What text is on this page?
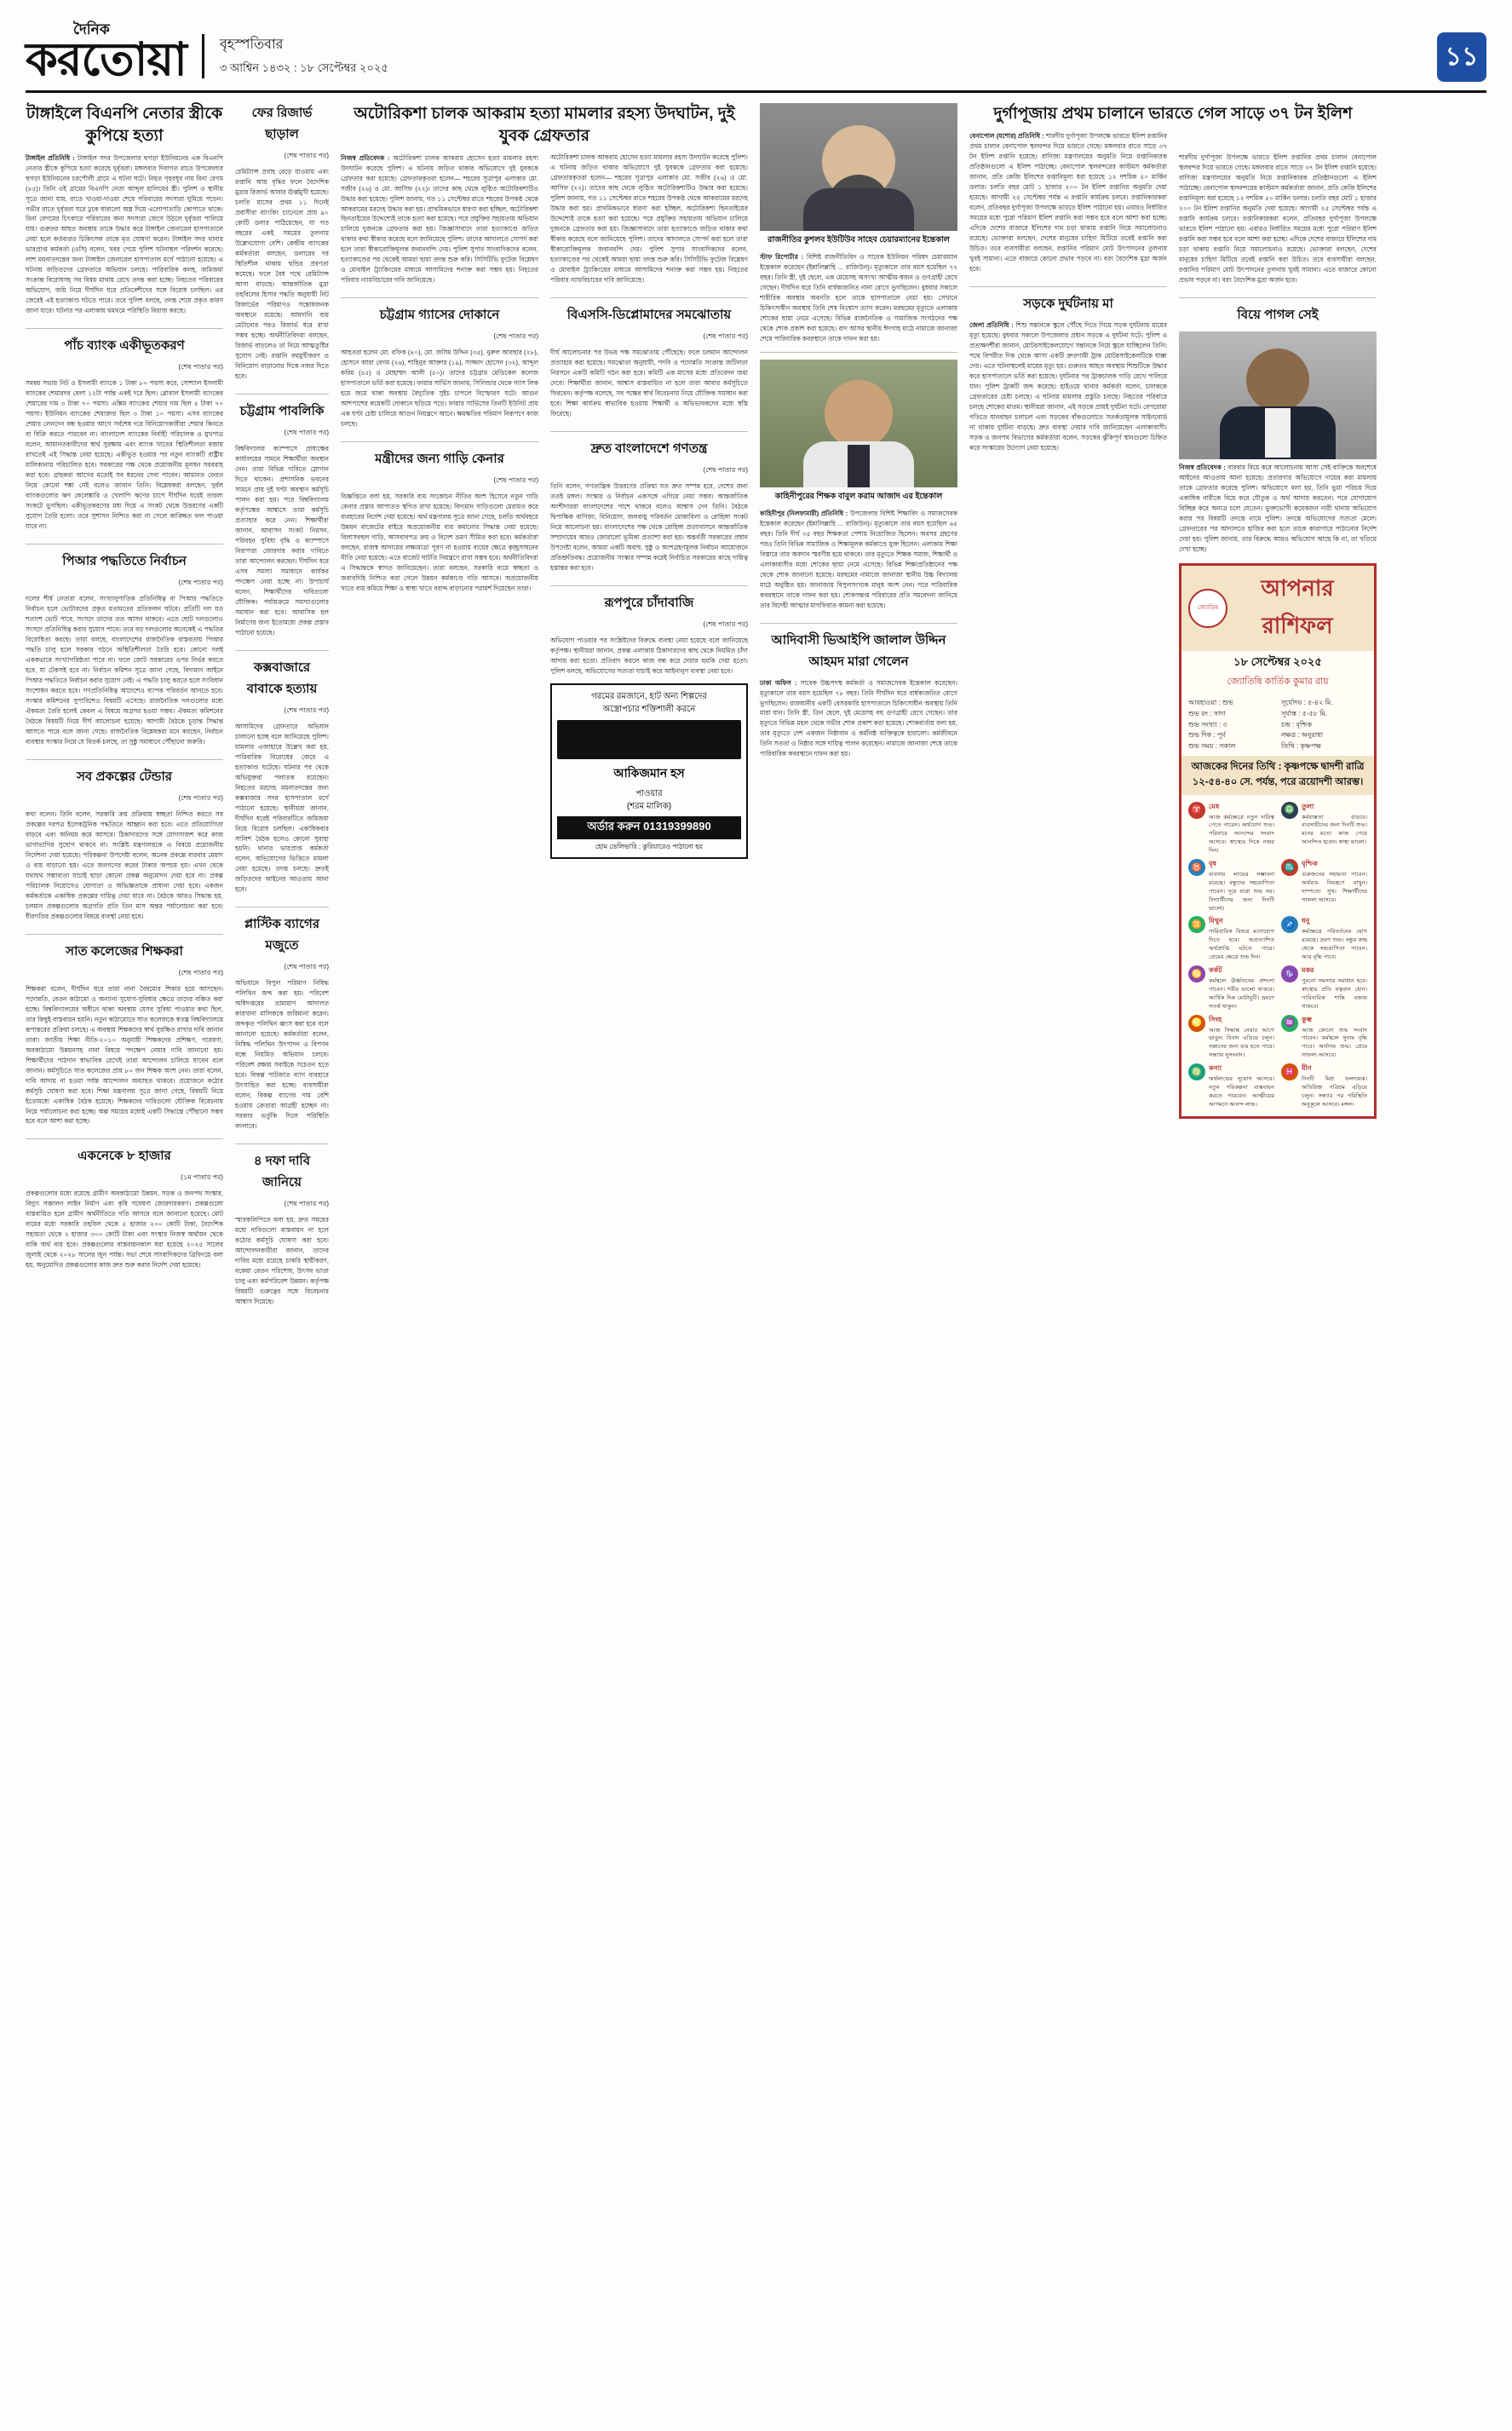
দৈনিক
করতোয়া বৃহস্পতিবার
৩ আশ্বিন ১৪৩২ : ১৮ সেপ্টেম্বর ২০২৫	১১
টাঙ্গাইলে বিএনপি নেতার স্ত্রীকে কুপিয়ে হত্যা

টাঙ্গাইল প্রতিনিধি : টাঙ্গাইল সদর উপজেলার হুগড়া ইউনিয়নের এক বিএনপি নেতার স্ত্রীকে কুপিয়ে হত্যা করেছে দুর্বৃত্তরা। মঙ্গলবার দিবাগত রাতে উপজেলার হুগড়া ইউনিয়নের চরপৌলী গ্রামে এ ঘটনা ঘটে। নিহত গৃহবধূর নাম রিনা বেগম (৪৫)। তিনি ওই গ্রামের বিএনপি নেতা আব্দুল হালিমের স্ত্রী। পুলিশ ও স্থানীয় সূত্রে জানা যায়, রাতে খাওয়া-দাওয়া শেষে পরিবারের সদস্যরা ঘুমিয়ে পড়েন। গভীর রাতে দুর্বৃত্তরা ঘরে ঢুকে ধারালো অস্ত্র দিয়ে এলোপাতাড়ি কোপাতে থাকে। রিনা বেগমের চিৎকারে পরিবারের অন্য সদস্যরা জেগে উঠলে দুর্বৃত্তরা পালিয়ে যায়। গুরুতর আহত অবস্থায় তাকে উদ্ধার করে টাঙ্গাইল জেনারেল হাসপাতালে নেয়া হলে কর্তব্যরত চিকিৎসক তাকে মৃত ঘোষণা করেন। টাঙ্গাইল সদর থানার ভারপ্রাপ্ত কর্মকর্তা (ওসি) বলেন, খবর পেয়ে পুলিশ ঘটনাস্থল পরিদর্শন করেছে। লাশ ময়নাতদন্তের জন্য টাঙ্গাইল জেনারেল হাসপাতাল মর্গে পাঠানো হয়েছে। এ ঘটনায় জড়িতদের গ্রেফতারে অভিযান চলছে। পারিবারিক কলহ, জমিজমা সংক্রান্ত বিরোধসহ সব বিষয় মাথায় রেখে তদন্ত করা হচ্ছে। নিহতের পরিবারের অভিযোগ, জমি নিয়ে দীর্ঘদিন ধরে প্রতিবেশীদের সঙ্গে বিরোধ চলছিল। এর জেরেই এই হত্যাকাণ্ড ঘটতে পারে। তবে পুলিশ বলছে, তদন্ত শেষে প্রকৃত কারণ জানা যাবে। ঘটনার পর এলাকায় থমথমে পরিস্থিতি বিরাজ করছে।

পাঁচ ব্যাংক একীভূতকরণ
(শেষ পাতার পর)
সমন্বয় সভায় নিট ও ইসলামী ব্যাংকে ১ টাকা ৮০ পয়সা করে, সোশ্যাল ইসলামী ব্যাংকের শেয়ারদর বেলা ১২টা পর্যন্ত একই দরে ছিল। গ্লোবাল ইসলামী ব্যাংকের শেয়ারের দাম ৩ টাকা ৭০ পয়সা। এক্সিম ব্যাংকের শেয়ার দাম ছিল ৫ টাকা ৭০ পয়সা। ইউনিয়ন ব্যাংকের শেয়ারদর ছিল ৩ টাকা ১০ পয়সা। এসব ব্যাংকের শেয়ার লেনদেন বন্ধ হওয়ার আগে সর্বশেষ দরে বিনিয়োগকারীরা শেয়ার কিনতে বা বিক্রি করতে পারবেন না। বাংলাদেশ ব্যাংকের নির্বাহী পরিচালক ও মুখপাত্র বলেন, আমানতকারীদের স্বার্থ সুরক্ষায় এবং ব্যাংক খাতের স্থিতিশীলতা বজায় রাখতেই এই সিদ্ধান্ত নেয়া হয়েছে। একীভূত হওয়ার পর নতুন ব্যাংকটি রাষ্ট্রীয় মালিকানায় পরিচালিত হবে। সরকারের পক্ষ থেকে প্রয়োজনীয় মূলধন সরবরাহ করা হবে। গ্রাহকরা আগের মতোই সব ধরনের সেবা পাবেন। আমানত ফেরত নিয়ে কোনো শঙ্কা নেই বলেও জানান তিনি। বিশ্লেষকরা বলছেন, দুর্বল ব্যাংকগুলোর ঋণ কেলেঙ্কারি ও খেলাপি ঋণের চাপে দীর্ঘদিন ধরেই তারল্য সংকটে ভুগছিল। একীভূতকরণের মধ্য দিয়ে এ সংকট থেকে উত্তরণের একটি সুযোগ তৈরি হলো। তবে সুশাসন নিশ্চিত করা না গেলে কাঙ্ক্ষিত ফল পাওয়া যাবে না।
পিআর পদ্ধতিতে নির্বাচন
(শেষ পাতার পর)
দলের শীর্ষ নেতারা বলেন, সংখ্যানুপাতিক প্রতিনিধিত্ব বা পিআর পদ্ধতিতে নির্বাচন হলে ভোটারদের প্রকৃত মতামতের প্রতিফলন ঘটবে। প্রতিটি দল যত শতাংশ ভোট পাবে, সংসদে তাদের তত আসন থাকবে। এতে ছোট দলগুলোও সংসদে প্রতিনিধিত্ব করার সুযোগ পাবে। তবে বড় দলগুলোর অনেকেই এ পদ্ধতির বিরোধিতা করছে। তারা বলছে, বাংলাদেশের রাজনৈতিক বাস্তবতায় পিআর পদ্ধতি চালু হলে সরকার গঠনে অস্থিতিশীলতা তৈরি হবে। কোনো দলই এককভাবে সংখ্যাগরিষ্ঠতা পাবে না। ফলে জোট সরকারের ওপর নির্ভর করতে হবে, যা টেকসই হবে না। নির্বাচন কমিশন সূত্রে জানা গেছে, বিদ্যমান আইনে পিআর পদ্ধতিতে নির্বাচন করার সুযোগ নেই। এ পদ্ধতি চালু করতে হলে সংবিধান সংশোধন করতে হবে। গণপ্রতিনিধিত্ব আদেশেও ব্যাপক পরিবর্তন আনতে হবে। সংস্কার কমিশনের সুপারিশেও বিষয়টি এসেছে। রাজনৈতিক দলগুলোর মধ্যে ঐকমত্য তৈরি হলেই কেবল এ বিষয়ে অগ্রসর হওয়া সম্ভব। ঐকমত্য কমিশনের বৈঠকে বিষয়টি নিয়ে দীর্ঘ আলোচনা হয়েছে। আগামী বৈঠকে চূড়ান্ত সিদ্ধান্ত আসতে পারে বলে জানা গেছে। রাজনৈতিক বিশ্লেষকরা মনে করছেন, নির্বাচন ব্যবস্থার সংস্কার নিয়ে যে বিতর্ক চলছে, তা সুষ্ঠু সমাধানে পৌঁছানো জরুরি।
সব প্রকল্পের টেন্ডার
(শেষ পাতার পর)
কথা বলেন। তিনি বলেন, সরকারি ক্রয় প্রক্রিয়ায় স্বচ্ছতা নিশ্চিত করতে সব প্রকল্পের দরপত্র ইলেকট্রনিক পদ্ধতিতে আহ্বান করা হবে। এতে প্রতিযোগিতা বাড়বে এবং অনিয়ম কমে আসবে। ঠিকাদারদের সঙ্গে যোগসাজশ করে কাজ ভাগাভাগির সুযোগ থাকবে না। সংশ্লিষ্ট মন্ত্রণালয়কে এ বিষয়ে প্রয়োজনীয় নির্দেশনা দেয়া হয়েছে। পরিকল্পনা উপদেষ্টা বলেন, অনেক প্রকল্পে বারবার মেয়াদ ও ব্যয় বাড়ানো হয়। এতে জনগণের করের টাকার অপচয় হয়। এখন থেকে যথাযথ সম্ভাব্যতা যাচাই ছাড়া কোনো প্রকল্প অনুমোদন দেয়া হবে না। প্রকল্প পরিচালক নিয়োগেও যোগ্যতা ও অভিজ্ঞতাকে প্রাধান্য দেয়া হবে। একজন কর্মকর্তাকে একাধিক প্রকল্পের দায়িত্ব দেয়া যাবে না। বৈঠকে আরও সিদ্ধান্ত হয়, চলমান প্রকল্পগুলোর অগ্রগতি প্রতি তিন মাস অন্তর পর্যালোচনা করা হবে। ধীরগতির প্রকল্পগুলোর বিষয়ে ব্যবস্থা নেয়া হবে।
সাত কলেজের শিক্ষকরা
(শেষ পাতার পর)
শিক্ষকরা বলেন, দীর্ঘদিন ধরে তারা নানা বৈষম্যের শিকার হয়ে আসছেন। পদোন্নতি, বেতন কাঠামো ও অন্যান্য সুযোগ-সুবিধার ক্ষেত্রে তাদের বঞ্চিত করা হচ্ছে। বিশ্ববিদ্যালয়ের অধীনে থাকা অবস্থায় যেসব সুবিধা পাওয়ার কথা ছিল, তার কিছুই বাস্তবায়ন হয়নি। নতুন কাঠামোতে সাত কলেজকে স্বতন্ত্র বিশ্ববিদ্যালয়ে রূপান্তরের প্রক্রিয়া চলছে। এ অবস্থায় শিক্ষকদের স্বার্থ সুরক্ষিত রাখার দাবি জানান তারা। জাতীয় শিক্ষা নীতি-২০১০ অনুযায়ী শিক্ষকদের প্রশিক্ষণ, গবেষণা, অবকাঠামো উন্নয়নসহ নানা বিষয়ে পদক্ষেপ নেয়ার দাবি জানানো হয়। শিক্ষার্থীদের পাঠদান স্বাভাবিক রেখেই তারা আন্দোলন চালিয়ে যাবেন বলে জানান। কর্মসূচিতে সাত কলেজের প্রায় ৮০ জন শিক্ষক অংশ নেন। তারা বলেন, দাবি আদায় না হওয়া পর্যন্ত আন্দোলন অব্যাহত থাকবে। প্রয়োজনে কঠোর কর্মসূচি ঘোষণা করা হবে। শিক্ষা মন্ত্রণালয় সূত্রে জানা গেছে, বিষয়টি নিয়ে ইতোমধ্যে একাধিক বৈঠক হয়েছে। শিক্ষকদের দাবিগুলো যৌক্তিক বিবেচনায় নিয়ে পর্যালোচনা করা হচ্ছে। অল্প সময়ের মধ্যেই একটি সিদ্ধান্তে পৌঁছানো সম্ভব হবে বলে আশা করা হচ্ছে।
একনেকে ৮ হাজার
(১ম পাতার পর)
প্রকল্পগুলোর মধ্যে রয়েছে গ্রামীণ অবকাঠামো উন্নয়ন, সড়ক ও জনপথ সংস্কার, বিদ্যুৎ সঞ্চালন লাইন নির্মাণ এবং কৃষি গবেষণা জোরদারকরণ। প্রকল্পগুলো বাস্তবায়িত হলে গ্রামীণ অর্থনীতিতে গতি আসবে বলে জানানো হয়েছে। মোট ব্যয়ের মধ্যে সরকারি তহবিল থেকে ৫ হাজার ২০০ কোটি টাকা, বৈদেশিক সহায়তা থেকে ২ হাজার ৩০০ কোটি টাকা এবং সংস্থার নিজস্ব অর্থায়ন থেকে বাকি অর্থ ব্যয় হবে। প্রকল্পগুলোর বাস্তবায়নকাল ধরা হয়েছে ২০২৫ সালের জুলাই থেকে ২০২৮ সালের জুন পর্যন্ত। সভা শেষে সাংবাদিকদের ব্রিফিংয়ে বলা হয়, অনুমোদিত প্রকল্পগুলোর কাজ দ্রুত শুরু করার নির্দেশ দেয়া হয়েছে।
ফের রিজার্ভ ছাড়াল
(শেষ পাতার পর)
রেমিট্যান্স প্রবাহ বেড়ে যাওয়ায় এবং রপ্তানি আয় বৃদ্ধির ফলে বৈদেশিক মুদ্রার রিজার্ভ আবার ঊর্ধ্বমুখী হয়েছে। চলতি মাসের প্রথম ১১ দিনেই প্রবাসীরা ব্যাংকিং চ্যানেলে প্রায় ৯০ কোটি ডলার পাঠিয়েছেন, যা গত বছরের একই সময়ের তুলনায় উল্লেখযোগ্য বেশি। কেন্দ্রীয় ব্যাংকের কর্মকর্তারা বলছেন, ডলারের দর স্থিতিশীল থাকায় হুন্ডির প্রবণতা কমেছে। ফলে বৈধ পথে রেমিট্যান্স আসা বাড়ছে। আন্তর্জাতিক মুদ্রা তহবিলের হিসাব পদ্ধতি অনুযায়ী নিট রিজার্ভের পরিমাণও সন্তোষজনক অবস্থানে রয়েছে। আমদানি ব্যয় মেটানোর পরও রিজার্ভ ধরে রাখা সম্ভব হচ্ছে। অর্থনীতিবিদরা বলছেন, রিজার্ভ বাড়লেও তা নিয়ে আত্মতুষ্টির সুযোগ নেই। রপ্তানি বহুমুখীকরণ ও বিনিয়োগ বাড়ানোর দিকে নজর দিতে হবে।
চট্টগ্রাম পাবলিকি
(শেষ পাতার পর)
বিশ্ববিদ্যালয় ক্যাম্পাসে প্রাধ্যক্ষের কার্যালয়ের সামনে শিক্ষার্থীরা অবস্থান নেন। তারা বিভিন্ন দাবিতে স্লোগান দিতে থাকেন। প্রশাসনিক ভবনের সামনে প্রায় দুই ঘণ্টা অবস্থান কর্মসূচি পালন করা হয়। পরে বিশ্ববিদ্যালয় কর্তৃপক্ষের আশ্বাসে তারা কর্মসূচি প্রত্যাহার করে নেন। শিক্ষার্থীরা জানান, আবাসন সংকট নিরসন, পরিবহন সুবিধা বৃদ্ধি ও ক্যাম্পাসে নিরাপত্তা জোরদার করার দাবিতে তারা আন্দোলন করছেন। দীর্ঘদিন ধরে এসব সমস্যা সমাধানে কার্যকর পদক্ষেপ নেয়া হচ্ছে না। উপাচার্য বলেন, শিক্ষার্থীদের দাবিগুলো যৌক্তিক। পর্যায়ক্রমে সমস্যাগুলোর সমাধান করা হবে। আবাসিক হল নির্মাণের জন্য ইতোমধ্যে প্রকল্প প্রস্তাব পাঠানো হয়েছে।
কক্সবাজারে বাবাকে হত্যায়
(শেষ পাতার পর)
আসামিদের গ্রেফতারে অভিযান চালানো হচ্ছে বলে জানিয়েছে পুলিশ। মামলার এজাহারে উল্লেখ করা হয়, পারিবারিক বিরোধের জেরে এ হত্যাকাণ্ড ঘটেছে। ঘটনার পর থেকে অভিযুক্তরা পলাতক রয়েছেন। নিহতের মরদেহ ময়নাতদন্তের জন্য কক্সবাজার সদর হাসপাতাল মর্গে পাঠানো হয়েছে। স্থানীয়রা জানান, দীর্ঘদিন ধরেই পরিবারটিতে জমিজমা নিয়ে বিরোধ চলছিল। একাধিকবার সালিশ বৈঠক হলেও কোনো সুরাহা হয়নি। থানার ভারপ্রাপ্ত কর্মকর্তা বলেন, অভিযোগের ভিত্তিতে মামলা নেয়া হয়েছে। তদন্ত চলছে। দ্রুতই জড়িতদের আইনের আওতায় আনা হবে।
প্লাস্টিক ব্যাগের মজুতে
(শেষ পাতার পর)
অভিযানে বিপুল পরিমাণ নিষিদ্ধ পলিথিন জব্দ করা হয়। পরিবেশ অধিদপ্তরের ভ্রাম্যমাণ আদালত কারখানা মালিককে জরিমানা করেন। জব্দকৃত পলিথিন ধ্বংস করা হবে বলে জানানো হয়েছে। কর্মকর্তারা বলেন, নিষিদ্ধ পলিথিন উৎপাদন ও বিপণন বন্ধে নিয়মিত অভিযান চলবে। পরিবেশ রক্ষায় সবাইকে সচেতন হতে হবে। বিকল্প পাটজাত ব্যাগ ব্যবহারে উৎসাহিত করা হচ্ছে। ব্যবসায়ীরা বলেন, বিকল্প ব্যাগের দাম বেশি হওয়ায় ক্রেতারা আগ্রহী হচ্ছেন না। সরকার ভর্তুকি দিলে পরিস্থিতি বদলাবে।
৪ দফা দাবি জানিয়ে
(শেষ পাতার পর)
স্মারকলিপিতে বলা হয়, দ্রুত সময়ের মধ্যে দাবিগুলো বাস্তবায়ন না হলে কঠোর কর্মসূচি ঘোষণা করা হবে। আন্দোলনকারীরা জানান, তাদের দাবির মধ্যে রয়েছে চাকরি স্থায়ীকরণ, বকেয়া বেতন পরিশোধ, উৎসব ভাতা চালু এবং কর্মপরিবেশ উন্নয়ন। কর্তৃপক্ষ বিষয়টি গুরুত্বের সঙ্গে বিবেচনার আশ্বাস দিয়েছে।
অটোরিকশা চালক আকরাম হত্যা মামলার রহস্য উদঘাটন, দুই যুবক গ্রেফতার

নিজস্ব প্রতিবেদক : অটোরিকশা চালক আকরাম হোসেন হত্যা মামলার রহস্য উদঘাটন করেছে পুলিশ। এ ঘটনায় জড়িত থাকার অভিযোগে দুই যুবককে গ্রেফতার করা হয়েছে। গ্রেফতারকৃতরা হলেন— শহরের সূত্রাপুর এলাকার মো. সজীব (২৬) ও মো. আসিফ (২২)। তাদের কাছ থেকে লুণ্ঠিত অটোরিকশাটিও উদ্ধার করা হয়েছে। পুলিশ জানায়, গত ১১ সেপ্টেম্বর রাতে শহরের উপকণ্ঠ থেকে আকরামের মরদেহ উদ্ধার করা হয়। প্রাথমিকভাবে ধারণা করা হচ্ছিল, অটোরিকশা ছিনতাইয়ের উদ্দেশ্যেই তাকে হত্যা করা হয়েছে। পরে প্রযুক্তির সহায়তায় অভিযান চালিয়ে দুজনকে গ্রেফতার করা হয়। জিজ্ঞাসাবাদে তারা হত্যাকাণ্ডে জড়িত থাকার কথা স্বীকার করেছে বলে জানিয়েছে পুলিশ। তাদের আদালতে সোপর্দ করা হলে তারা স্বীকারোক্তিমূলক জবানবন্দি দেয়। পুলিশ সুপার সাংবাদিকদের বলেন, হত্যাকাণ্ডের পর থেকেই আমরা ছায়া তদন্ত শুরু করি। সিসিটিভি ফুটেজ বিশ্লেষণ ও মোবাইল ট্র্যাকিংয়ের মাধ্যমে আসামিদের শনাক্ত করা সম্ভব হয়। নিহতের পরিবার ন্যায়বিচারের দাবি জানিয়েছে।

চট্টগ্রাম গ্যাসের দোকানে
(শেষ পাতার পর)
আহতরা হলেন মো. রফিক (৪০), মো. জসিম উদ্দিন (৩৫), নুরুল আবছার (২৮), হোসনে আরা বেগম (২৬), শাহিনুর আক্তার (১৯), সাজ্জাদ হোসেন (৩২), আব্দুল করিম (৪৫) ও মোহাম্মদ আলী (৫০)। তাদের চট্টগ্রাম মেডিকেল কলেজ হাসপাতালে ভর্তি করা হয়েছে। ফায়ার সার্ভিস জানায়, সিলিন্ডার থেকে গ্যাস লিক হয়ে জমে থাকা অবস্থায় বৈদ্যুতিক সুইচ চাপলে বিস্ফোরণ ঘটে। আগুন আশপাশের কয়েকটি দোকানে ছড়িয়ে পড়ে। ফায়ার সার্ভিসের তিনটি ইউনিট প্রায় এক ঘণ্টা চেষ্টা চালিয়ে আগুন নিয়ন্ত্রণে আনে। ক্ষয়ক্ষতির পরিমাণ নিরূপণে কাজ চলছে।
মন্ত্রীদের জন্য গাড়ি কেনার
(শেষ পাতার পর)
বিজ্ঞপ্তিতে বলা হয়, সরকারি ব্যয় সংকোচন নীতির অংশ হিসেবে নতুন গাড়ি কেনার প্রস্তাব আপাতত স্থগিত রাখা হয়েছে। বিদ্যমান গাড়িগুলো মেরামত করে ব্যবহারের নির্দেশ দেয়া হয়েছে। অর্থ মন্ত্রণালয় সূত্রে জানা গেছে, চলতি অর্থবছরে উন্নয়ন বাজেটের বাইরে অপ্রয়োজনীয় ব্যয় কমানোর সিদ্ধান্ত নেয়া হয়েছে। বিলাসবহুল গাড়ি, আসবাবপত্র ক্রয় ও বিদেশ ভ্রমণ সীমিত করা হবে। কর্মকর্তারা বলছেন, রাজস্ব আদায়ের লক্ষ্যমাত্রা পূরণ না হওয়ায় ব্যয়ের ক্ষেত্রে কৃচ্ছ্রসাধনের নীতি নেয়া হয়েছে। এতে বাজেট ঘাটতি নিয়ন্ত্রণে রাখা সম্ভব হবে। অর্থনীতিবিদরা এ সিদ্ধান্তকে স্বাগত জানিয়েছেন। তারা বলছেন, সরকারি ব্যয়ে স্বচ্ছতা ও জবাবদিহি নিশ্চিত করা গেলে উন্নয়ন কর্মকাণ্ডে গতি আসবে। অপ্রয়োজনীয় খাতে ব্যয় কমিয়ে শিক্ষা ও স্বাস্থ্য খাতে বরাদ্দ বাড়ানোর পরামর্শ দিয়েছেন তারা।
অটোরিকশা চালক আকরাম হোসেন হত্যা মামলার রহস্য উদঘাটন করেছে পুলিশ। এ ঘটনায় জড়িত থাকার অভিযোগে দুই যুবককে গ্রেফতার করা হয়েছে। গ্রেফতারকৃতরা হলেন— শহরের সূত্রাপুর এলাকার মো. সজীব (২৬) ও মো. আসিফ (২২)। তাদের কাছ থেকে লুণ্ঠিত অটোরিকশাটিও উদ্ধার করা হয়েছে। পুলিশ জানায়, গত ১১ সেপ্টেম্বর রাতে শহরের উপকণ্ঠ থেকে আকরামের মরদেহ উদ্ধার করা হয়। প্রাথমিকভাবে ধারণা করা হচ্ছিল, অটোরিকশা ছিনতাইয়ের উদ্দেশ্যেই তাকে হত্যা করা হয়েছে। পরে প্রযুক্তির সহায়তায় অভিযান চালিয়ে দুজনকে গ্রেফতার করা হয়। জিজ্ঞাসাবাদে তারা হত্যাকাণ্ডে জড়িত থাকার কথা স্বীকার করেছে বলে জানিয়েছে পুলিশ। তাদের আদালতে সোপর্দ করা হলে তারা স্বীকারোক্তিমূলক জবানবন্দি দেয়। পুলিশ সুপার সাংবাদিকদের বলেন, হত্যাকাণ্ডের পর থেকেই আমরা ছায়া তদন্ত শুরু করি। সিসিটিভি ফুটেজ বিশ্লেষণ ও মোবাইল ট্র্যাকিংয়ের মাধ্যমে আসামিদের শনাক্ত করা সম্ভব হয়। নিহতের পরিবার ন্যায়বিচারের দাবি জানিয়েছে।
বিএসসি-ডিপ্লোমাদের সমঝোতায়
(শেষ পাতার পর)
দীর্ঘ আলোচনার পর উভয় পক্ষ সমঝোতায় পৌঁছেছে। ফলে চলমান আন্দোলন প্রত্যাহার করা হয়েছে। সমঝোতা অনুযায়ী, পদবি ও পদোন্নতি সংক্রান্ত জটিলতা নিরসনে একটি কমিটি গঠন করা হবে। কমিটি এক মাসের মধ্যে প্রতিবেদন জমা দেবে। শিক্ষার্থীরা জানান, আশ্বাস বাস্তবায়িত না হলে তারা আবার কর্মসূচিতে ফিরবেন। কর্তৃপক্ষ বলেছে, সব পক্ষের স্বার্থ বিবেচনায় নিয়ে যৌক্তিক সমাধান করা হবে। শিক্ষা কার্যক্রম স্বাভাবিক হওয়ায় শিক্ষার্থী ও অভিভাবকদের মধ্যে স্বস্তি ফিরেছে।
দ্রুত বাংলাদেশে গণতন্ত্র
(শেষ পাতার পর)
তিনি বলেন, গণতান্ত্রিক উত্তরণের প্রক্রিয়া যত দ্রুত সম্পন্ন হবে, দেশের জন্য ততই মঙ্গল। সংস্কার ও নির্বাচন একসঙ্গে এগিয়ে নেয়া সম্ভব। আন্তর্জাতিক অংশীদাররা বাংলাদেশের পাশে থাকবে বলেও আশ্বাস দেন তিনি। বৈঠকে দ্বিপাক্ষিক বাণিজ্য, বিনিয়োগ, জলবায়ু পরিবর্তন মোকাবিলা ও রোহিঙ্গা সংকট নিয়ে আলোচনা হয়। বাংলাদেশের পক্ষ থেকে রোহিঙ্গা প্রত্যাবাসনে আন্তর্জাতিক সম্প্রদায়ের আরও জোরালো ভূমিকা প্রত্যাশা করা হয়। অন্তর্বর্তী সরকারের প্রধান উপদেষ্টা বলেন, আমরা একটি অবাধ, সুষ্ঠু ও অংশগ্রহণমূলক নির্বাচন আয়োজনে প্রতিশ্রুতিবদ্ধ। প্রয়োজনীয় সংস্কার সম্পন্ন করেই নির্বাচিত সরকারের কাছে দায়িত্ব হস্তান্তর করা হবে।
রূপপুরে চাঁদাবাজি
(শেষ পাতার পর)
অভিযোগ পাওয়ার পর সংশ্লিষ্টদের বিরুদ্ধে ব্যবস্থা নেয়া হয়েছে বলে জানিয়েছে কর্তৃপক্ষ। স্থানীয়রা জানান, প্রকল্প এলাকায় ঠিকাদারদের কাছ থেকে নিয়মিত চাঁদা আদায় করা হতো। প্রতিবাদ করলে কাজ বন্ধ করে দেয়ার হুমকি দেয়া হতো। পুলিশ বলছে, অভিযোগের সত্যতা যাচাই করে আইনানুগ ব্যবস্থা নেয়া হবে।
গরমের রমজানে, হাট অন্য শিল্পদের
অস্ত্রোপচার শক্তিশালী করনে
আকিজমান হস
পাওয়ার
(শরম মালিক)
অর্ডার করুন 01319399890
হোম ডেলিভারি : কুরিয়ারেও পাঠানো হয়
রাজনীতির কুশলব ইউটিউব সাহেব চেয়ারম্যানের ইন্তেকাল

স্টাফ রিপোর্টার : বিশিষ্ট রাজনীতিবিদ ও সাবেক ইউনিয়ন পরিষদ চেয়ারম্যান ইন্তেকাল করেছেন (ইন্নালিল্লাহি ... রাজিউন)। মৃত্যুকালে তার বয়স হয়েছিল ৭২ বছর। তিনি স্ত্রী, দুই ছেলে, এক মেয়েসহ অসংখ্য আত্মীয়-স্বজন ও গুণগ্রাহী রেখে গেছেন। দীর্ঘদিন ধরে তিনি বার্ধক্যজনিত নানা রোগে ভুগছিলেন। বুধবার সকালে শারীরিক অবস্থার অবনতি হলে তাকে হাসপাতালে নেয়া হয়। সেখানে চিকিৎসাধীন অবস্থায় তিনি শেষ নিঃশ্বাস ত্যাগ করেন। মরহুমের মৃত্যুতে এলাকায় শোকের ছায়া নেমে এসেছে। বিভিন্ন রাজনৈতিক ও সামাজিক সংগঠনের পক্ষ থেকে শোক প্রকাশ করা হয়েছে। বাদ আসর স্থানীয় ঈদগাহ মাঠে নামাজে জানাজা শেষে পারিবারিক কবরস্থানে তাকে দাফন করা হয়।

কাহিনীপুরের শিক্ষক বাবুল করাম আজাদ এর ইন্তেকাল

কাহিনীপুর (নিলফামারী) প্রতিনিধি : উপজেলার বিশিষ্ট শিক্ষাবিদ ও সমাজসেবক ইন্তেকাল করেছেন (ইন্নালিল্লাহি ... রাজিউন)। মৃত্যুকালে তার বয়স হয়েছিল ৬৫ বছর। তিনি দীর্ঘ ৩৫ বছর শিক্ষকতা পেশায় নিয়োজিত ছিলেন। অবসর গ্রহণের পরও তিনি বিভিন্ন সামাজিক ও শিক্ষামূলক কর্মকাণ্ডে যুক্ত ছিলেন। এলাকায় শিক্ষা বিস্তারে তার অবদান স্মরণীয় হয়ে থাকবে। তার মৃত্যুতে শিক্ষক সমাজ, শিক্ষার্থী ও এলাকাবাসীর মধ্যে শোকের ছায়া নেমে এসেছে। বিভিন্ন শিক্ষাপ্রতিষ্ঠানের পক্ষ থেকে শোক জানানো হয়েছে। মরহুমের নামাজে জানাজা স্থানীয় উচ্চ বিদ্যালয় মাঠে অনুষ্ঠিত হয়। জানাজায় বিপুলসংখ্যক মানুষ অংশ নেন। পরে পারিবারিক কবরস্থানে তাকে দাফন করা হয়। শোকসন্তপ্ত পরিবারের প্রতি সমবেদনা জানিয়ে তার বিদেহী আত্মার মাগফিরাত কামনা করা হয়েছে।

আদিবাসী ভিআইপি জালাল উদ্দিন আহমদ মারা গেলেন

ঢাকা অফিস : সাবেক উচ্চপদস্থ কর্মকর্তা ও সমাজসেবক ইন্তেকাল করেছেন। মৃত্যুকালে তার বয়স হয়েছিল ৭৮ বছর। তিনি দীর্ঘদিন ধরে বার্ধক্যজনিত রোগে ভুগছিলেন। রাজধানীর একটি বেসরকারি হাসপাতালে চিকিৎসাধীন অবস্থায় তিনি মারা যান। তিনি স্ত্রী, তিন ছেলে, দুই মেয়েসহ বহু গুণগ্রাহী রেখে গেছেন। তার মৃত্যুতে বিভিন্ন মহল থেকে গভীর শোক প্রকাশ করা হয়েছে। শোকবার্তায় বলা হয়, তার মৃত্যুতে দেশ একজন নিষ্ঠাবান ও কর্মনিষ্ঠ ব্যক্তিত্বকে হারালো। কর্মজীবনে তিনি সততা ও নিষ্ঠার সঙ্গে দায়িত্ব পালন করেছেন। নামাজে জানাজা শেষে তাকে পারিবারিক কবরস্থানে দাফন করা হয়।

দুর্গাপূজায় প্রথম চালানে ভারতে গেল সাড়ে ৩৭ টন ইলিশ

বেনাপোল (যশোর) প্রতিনিধি : শারদীয় দুর্গাপূজা উপলক্ষে ভারতে ইলিশ রপ্তানির প্রথম চালান বেনাপোল স্থলবন্দর দিয়ে ভারতে গেছে। মঙ্গলবার রাতে সাড়ে ৩৭ টন ইলিশ রপ্তানি হয়েছে। বাণিজ্য মন্ত্রণালয়ের অনুমতি নিয়ে রপ্তানিকারক প্রতিষ্ঠানগুলো এ ইলিশ পাঠাচ্ছে। বেনাপোল স্থলবন্দরের কাস্টমস কর্মকর্তারা জানান, প্রতি কেজি ইলিশের রপ্তানিমূল্য ধরা হয়েছে ১২ দশমিক ৫০ মার্কিন ডলার। চলতি বছর মোট ১ হাজার ২০০ টন ইলিশ রপ্তানির অনুমতি দেয়া হয়েছে। আগামী ২৫ সেপ্টেম্বর পর্যন্ত এ রপ্তানি কার্যক্রম চলবে। রপ্তানিকারকরা বলেন, প্রতিবছর দুর্গাপূজা উপলক্ষে ভারতে ইলিশ পাঠানো হয়। এবারও নির্ধারিত সময়ের মধ্যে পুরো পরিমাণ ইলিশ রপ্তানি করা সম্ভব হবে বলে আশা করা হচ্ছে। এদিকে দেশের বাজারে ইলিশের দাম চড়া থাকায় রপ্তানি নিয়ে সমালোচনাও রয়েছে। ভোক্তারা বলছেন, দেশের মানুষের চাহিদা মিটিয়ে তবেই রপ্তানি করা উচিত। তবে ব্যবসায়ীরা বলছেন, রপ্তানির পরিমাণ মোট উৎপাদনের তুলনায় খুবই সামান্য। এতে বাজারে কোনো প্রভাব পড়বে না। বরং বৈদেশিক মুদ্রা অর্জন হবে।

সড়কে দুর্ঘটনায় মা

জেলা প্রতিনিধি : শিশু সন্তানকে স্কুলে পৌঁছে দিতে গিয়ে সড়ক দুর্ঘটনায় মায়ের মৃত্যু হয়েছে। বুধবার সকালে উপজেলার প্রধান সড়কে এ দুর্ঘটনা ঘটে। পুলিশ ও প্রত্যক্ষদর্শীরা জানান, মোটরসাইকেলযোগে সন্তানকে নিয়ে স্কুলে যাচ্ছিলেন তিনি। পথে বিপরীত দিক থেকে আসা একটি দ্রুতগামী ট্রাক মোটরসাইকেলটিকে ধাক্কা দেয়। এতে ঘটনাস্থলেই মায়ের মৃত্যু হয়। গুরুতর আহত অবস্থায় শিশুটিকে উদ্ধার করে হাসপাতালে ভর্তি করা হয়েছে। দুর্ঘটনার পর ট্রাকচালক গাড়ি রেখে পালিয়ে যান। পুলিশ ট্রাকটি জব্দ করেছে। হাইওয়ে থানার কর্মকর্তা বলেন, চালককে গ্রেফতারের চেষ্টা চলছে। এ ঘটনায় মামলার প্রস্তুতি চলছে। নিহতের পরিবারে চলছে শোকের মাতম। স্থানীয়রা জানান, এই সড়কে প্রায়ই দুর্ঘটনা ঘটে। বেপরোয়া গতিতে যানবাহন চলাচল এবং সড়কের বাঁকগুলোতে সতর্কতামূলক সাইনবোর্ড না থাকায় দুর্ঘটনা বাড়ছে। দ্রুত ব্যবস্থা নেয়ার দাবি জানিয়েছেন এলাকাবাসী। সড়ক ও জনপথ বিভাগের কর্মকর্তারা বলেন, সড়কের ঝুঁকিপূর্ণ স্থানগুলো চিহ্নিত করে সংস্কারের উদ্যোগ নেয়া হয়েছে।

শারদীয় দুর্গাপূজা উপলক্ষে ভারতে ইলিশ রপ্তানির প্রথম চালান বেনাপোল স্থলবন্দর দিয়ে ভারতে গেছে। মঙ্গলবার রাতে সাড়ে ৩৭ টন ইলিশ রপ্তানি হয়েছে। বাণিজ্য মন্ত্রণালয়ের অনুমতি নিয়ে রপ্তানিকারক প্রতিষ্ঠানগুলো এ ইলিশ পাঠাচ্ছে। বেনাপোল স্থলবন্দরের কাস্টমস কর্মকর্তারা জানান, প্রতি কেজি ইলিশের রপ্তানিমূল্য ধরা হয়েছে ১২ দশমিক ৫০ মার্কিন ডলার। চলতি বছর মোট ১ হাজার ২০০ টন ইলিশ রপ্তানির অনুমতি দেয়া হয়েছে। আগামী ২৫ সেপ্টেম্বর পর্যন্ত এ রপ্তানি কার্যক্রম চলবে। রপ্তানিকারকরা বলেন, প্রতিবছর দুর্গাপূজা উপলক্ষে ভারতে ইলিশ পাঠানো হয়। এবারও নির্ধারিত সময়ের মধ্যে পুরো পরিমাণ ইলিশ রপ্তানি করা সম্ভব হবে বলে আশা করা হচ্ছে। এদিকে দেশের বাজারে ইলিশের দাম চড়া থাকায় রপ্তানি নিয়ে সমালোচনাও রয়েছে। ভোক্তারা বলছেন, দেশের মানুষের চাহিদা মিটিয়ে তবেই রপ্তানি করা উচিত। তবে ব্যবসায়ীরা বলছেন, রপ্তানির পরিমাণ মোট উৎপাদনের তুলনায় খুবই সামান্য। এতে বাজারে কোনো প্রভাব পড়বে না। বরং বৈদেশিক মুদ্রা অর্জন হবে।
বিয়ে পাগল সেই

নিজস্ব প্রতিবেদক : বারবার বিয়ে করে আলোচনায় আসা সেই ব্যক্তিকে অবশেষে আইনের আওতায় আনা হয়েছে। প্রতারণার অভিযোগে দায়ের করা মামলায় তাকে গ্রেফতার করেছে পুলিশ। অভিযোগে বলা হয়, তিনি ভুয়া পরিচয় দিয়ে একাধিক নারীকে বিয়ে করে যৌতুক ও অর্থ আদায় করতেন। পরে যোগাযোগ বিচ্ছিন্ন করে অন্যত্র চলে যেতেন। ভুক্তভোগী কয়েকজন নারী থানায় অভিযোগ করার পর বিষয়টি তদন্তে নামে পুলিশ। তদন্তে অভিযোগের সত্যতা মেলে। গ্রেফতারের পর আদালতে হাজির করা হলে তাকে কারাগারে পাঠানোর নির্দেশ দেয়া হয়। পুলিশ জানায়, তার বিরুদ্ধে আরও অভিযোগ আছে কি না, তা খতিয়ে দেখা হচ্ছে।

জ্যোতিষ
আপনার রাশিফল
১৮ সেপ্টেম্বর ২০২৫
জ্যোতিষি কার্তিক কুমার রায়
আবহাওয়া : শুভ
শুভ রং : সাদা
শুভ সংখ্যা : ৩
শুভ দিক : পূর্ব
শুভ সময় : সকাল
সূর্যোদয় : ৫-৪২ মি.
সূর্যাস্ত : ৫-৫৮ মি.
চন্দ্র : বৃশ্চিক
নক্ষত্র : অনুরাধা
তিথি : কৃষ্ণপক্ষ
আজকের দিনের তিথি : কৃষ্ণপক্ষে দ্বাদশী রাত্রি ১২-৫৪-৪০ সে. পর্যন্ত, পরে ত্রয়োদশী আরম্ভ।
♈ মেষ
আজ কর্মক্ষেত্রে নতুন দায়িত্ব পেতে পারেন। অর্থযোগ শুভ। পরিবারে আনন্দের সংবাদ আসবে। স্বাস্থ্যের দিকে নজর দিন।
♎ তুলা
কর্মব্যস্ততা বাড়বে। ব্যবসায়ীদের জন্য দিনটি শুভ। মনের মতো কাজ পেয়ে আনন্দিত হবেন। স্বাস্থ্য ভালো।
♉ বৃষ
ব্যবসায় লাভের সম্ভাবনা রয়েছে। বন্ধুদের সহযোগিতা পাবেন। দূরে যাত্রা শুভ নয়। বিদ্যার্থীদের জন্য দিনটি ভালো।
♏ বৃশ্চিক
গুরুজনের সহায়তা পাবেন। অর্থব্যয় নিয়ন্ত্রণে রাখুন। দাম্পত্যে সুখ। শিক্ষার্থীদের সাফল্য আসবে।
♊ মিথুন
পারিবারিক বিষয়ে মনোযোগ দিতে হবে। অপ্রত্যাশিত অর্থপ্রাপ্তি ঘটতে পারে। প্রেমের ক্ষেত্রে শুভ দিন।
♐ ধনু
কর্মক্ষেত্রে পরিবর্তনের যোগ রয়েছে। ভ্রমণ শুভ। বন্ধুর কাছ থেকে সহযোগিতা পাবেন। আয় বৃদ্ধি পাবে।
♋ কর্কট
কর্মস্থলে ঊর্ধ্বতনের প্রশংসা পাবেন। শরীর ভালো থাকবে। আর্থিক দিক মোটামুটি। ভ্রমণে সতর্ক থাকুন।
♑ মকর
পুরনো সমস্যার সমাধান হবে। স্বাস্থ্যের প্রতি যত্নবান হোন। পারিবারিক শান্তি বজায় থাকবে।
♌ সিংহ
আজ সিদ্ধান্ত নেয়ার আগে ভাবুন। বিবাদ এড়িয়ে চলুন। সন্তানের জন্য ব্যয় হতে পারে। সন্ধ্যায় সুসংবাদ।
♒ কুম্ভ
আজ কোনো শুভ সংবাদ পাবেন। কর্মস্থলে সুনাম বৃদ্ধি পাবে। অর্থাগম শুভ। প্রেমে সাফল্য আসবে।
♍ কন্যা
অর্থলাভের সুযোগ আসবে। নতুন পরিকল্পনা বাস্তবায়ন করতে পারবেন। আত্মীয়ের আগমনে আনন্দ লাভ।
♓ মীন
দিনটি মিশ্র ফলদায়ক। অতিরিক্ত পরিশ্রম এড়িয়ে চলুন। সন্ধ্যার পর পরিস্থিতি অনুকূলে আসবে। মঙ্গল।
